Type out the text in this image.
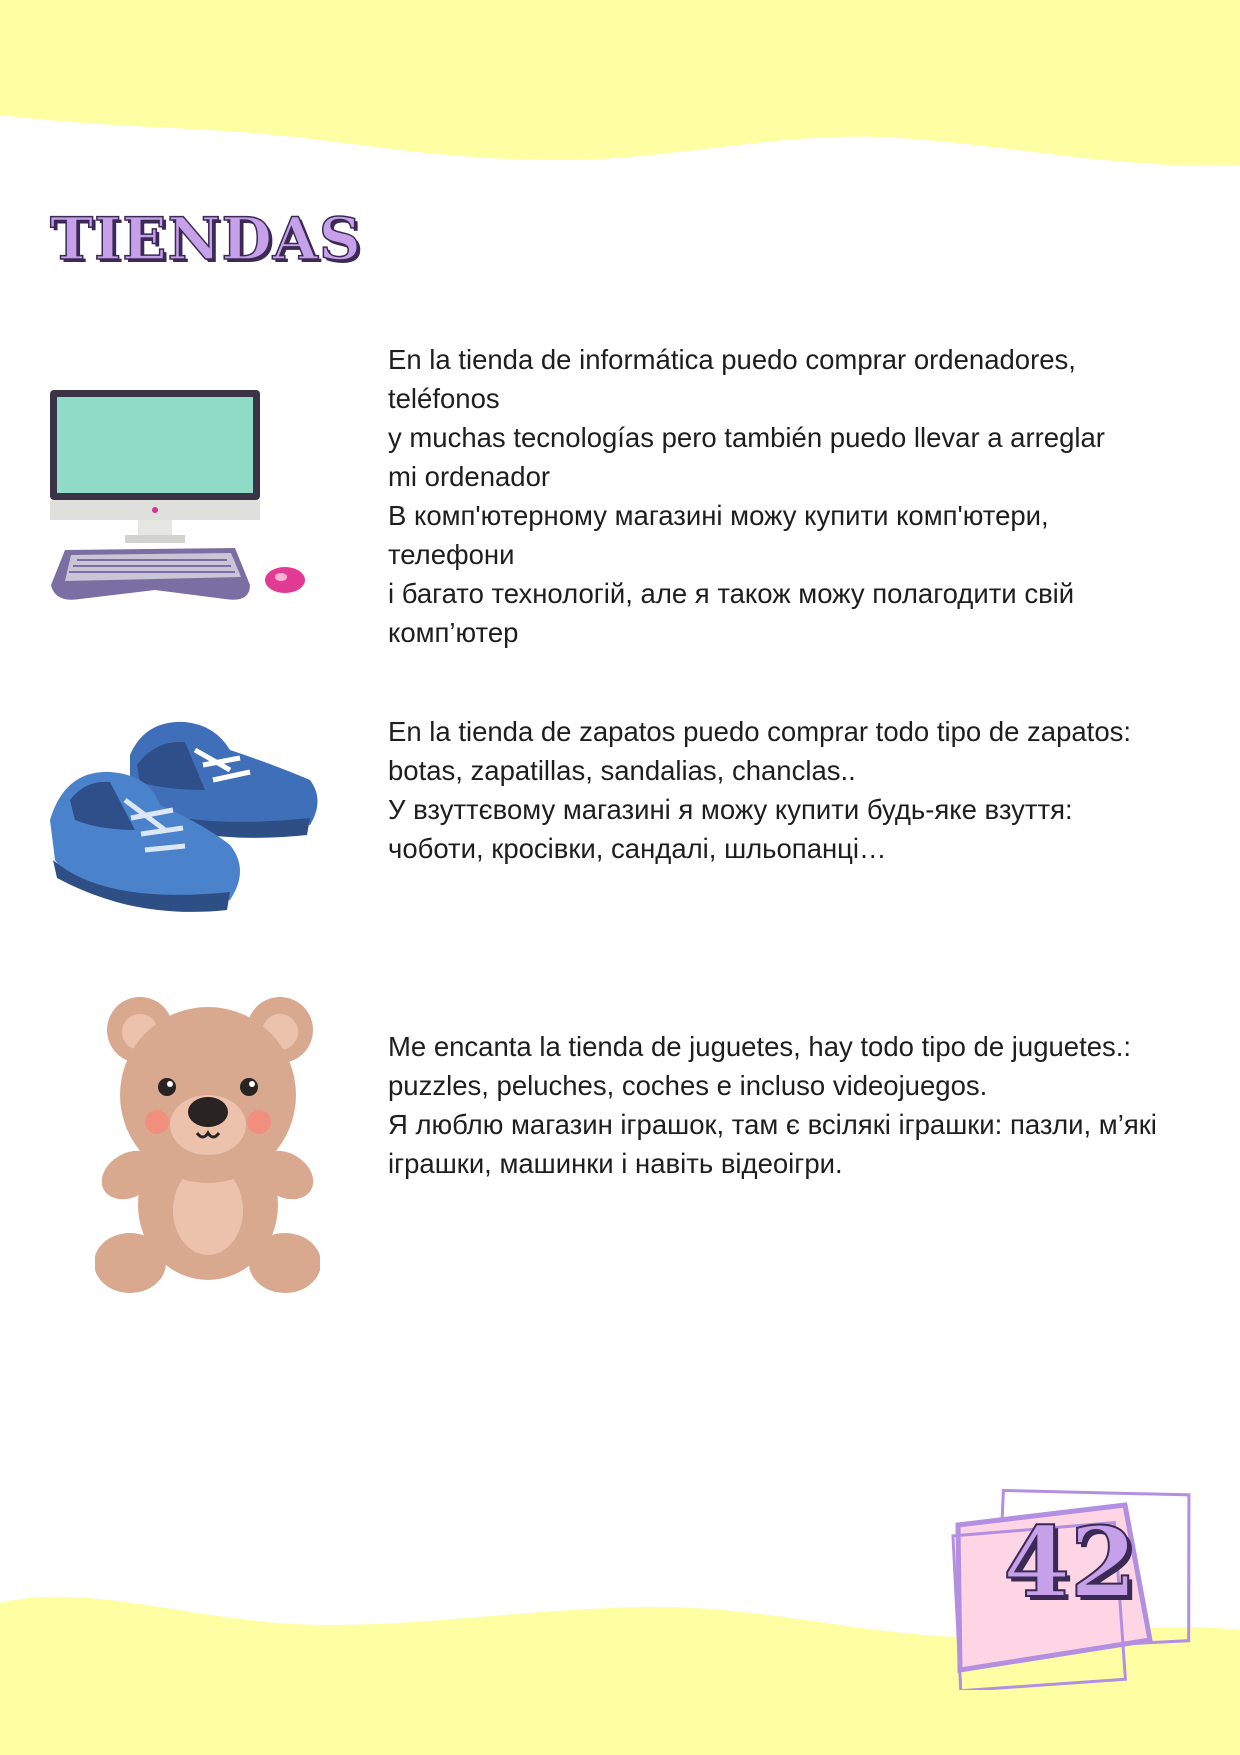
TIENDAS

En la tienda de informática puedo comprar ordenadores,

teléfonos

y muchas tecnologías pero también puedo llevar a arreglar

mi ordenador

В комп'ютерному магазині можу купити комп'ютери,

телефони

і багато технологій, але я також можу полагодити свій

комп’ютер

En la tienda de zapatos puedo comprar todo tipo de zapatos:

botas, zapatillas, sandalias, chanclas..

У взуттєвому магазині я можу купити будь-яке взуття:

чоботи, кросівки, сандалі, шльопанці…

Me encanta la tienda de juguetes, hay todo tipo de juguetes.:

puzzles, peluches, coches e incluso videojuegos.

Я люблю магазин іграшок, там є всілякі іграшки: пазли, м’які

іграшки, машинки і навіть відеоігри.

42
